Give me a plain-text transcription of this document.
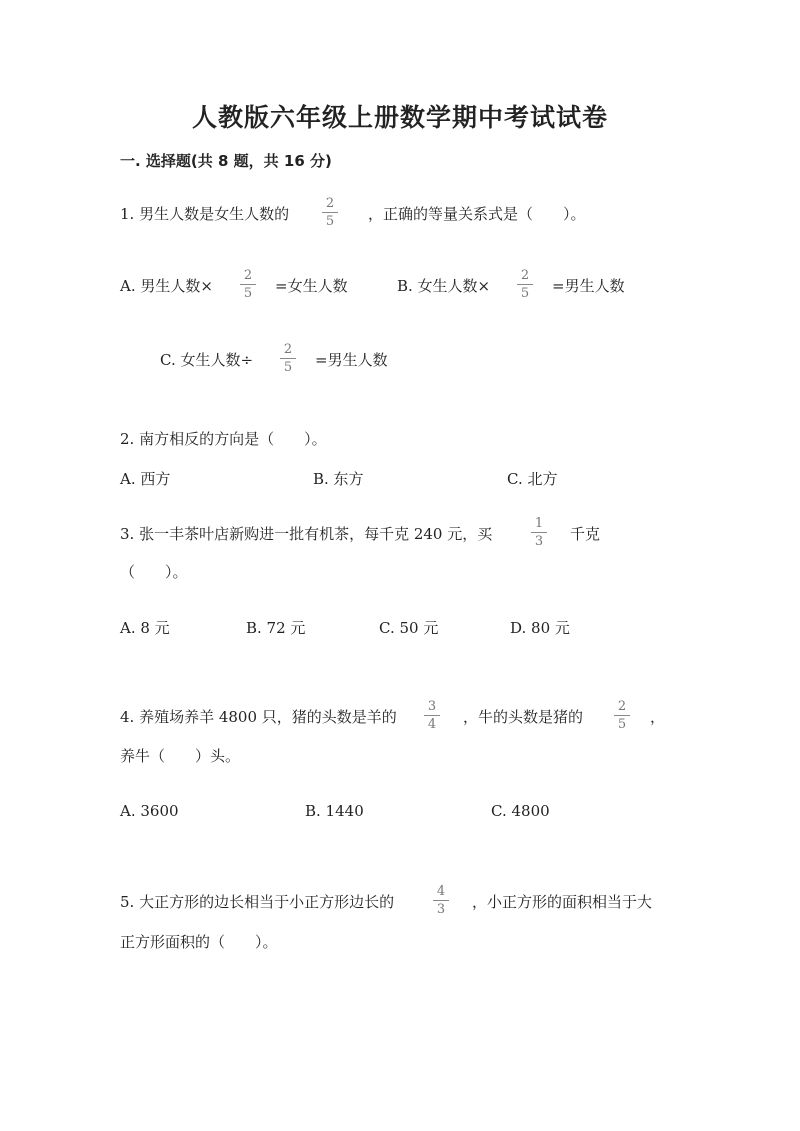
人教版六年级上册数学期中考试试卷
一. 选择题(共 8 题，共 16 分)
1. 男生人数是女生人数的
2
5	，正确的等量关系式是（　　）。
A. 男生人数×
2
5	=女生人数	B. 女生人数×
2
5	=男生人数
C. 女生人数÷
2
5	=男生人数
2. 南方相反的方向是（　　）。
A. 西方	B. 东方	C. 北方
3. 张一丰茶叶店新购进一批有机茶，每千克 240 元，买
1
3	千克
（　　）。
A. 8 元	B. 72 元	C. 50 元	D. 80 元
4. 养殖场养羊 4800 只，猪的头数是羊的
3
4	，牛的头数是猪的
2
5	，
养牛（　　）头。
A. 3600	B. 1440	C. 4800
5. 大正方形的边长相当于小正方形边长的
4
3	，小正方形的面积相当于大
正方形面积的（　　）。
